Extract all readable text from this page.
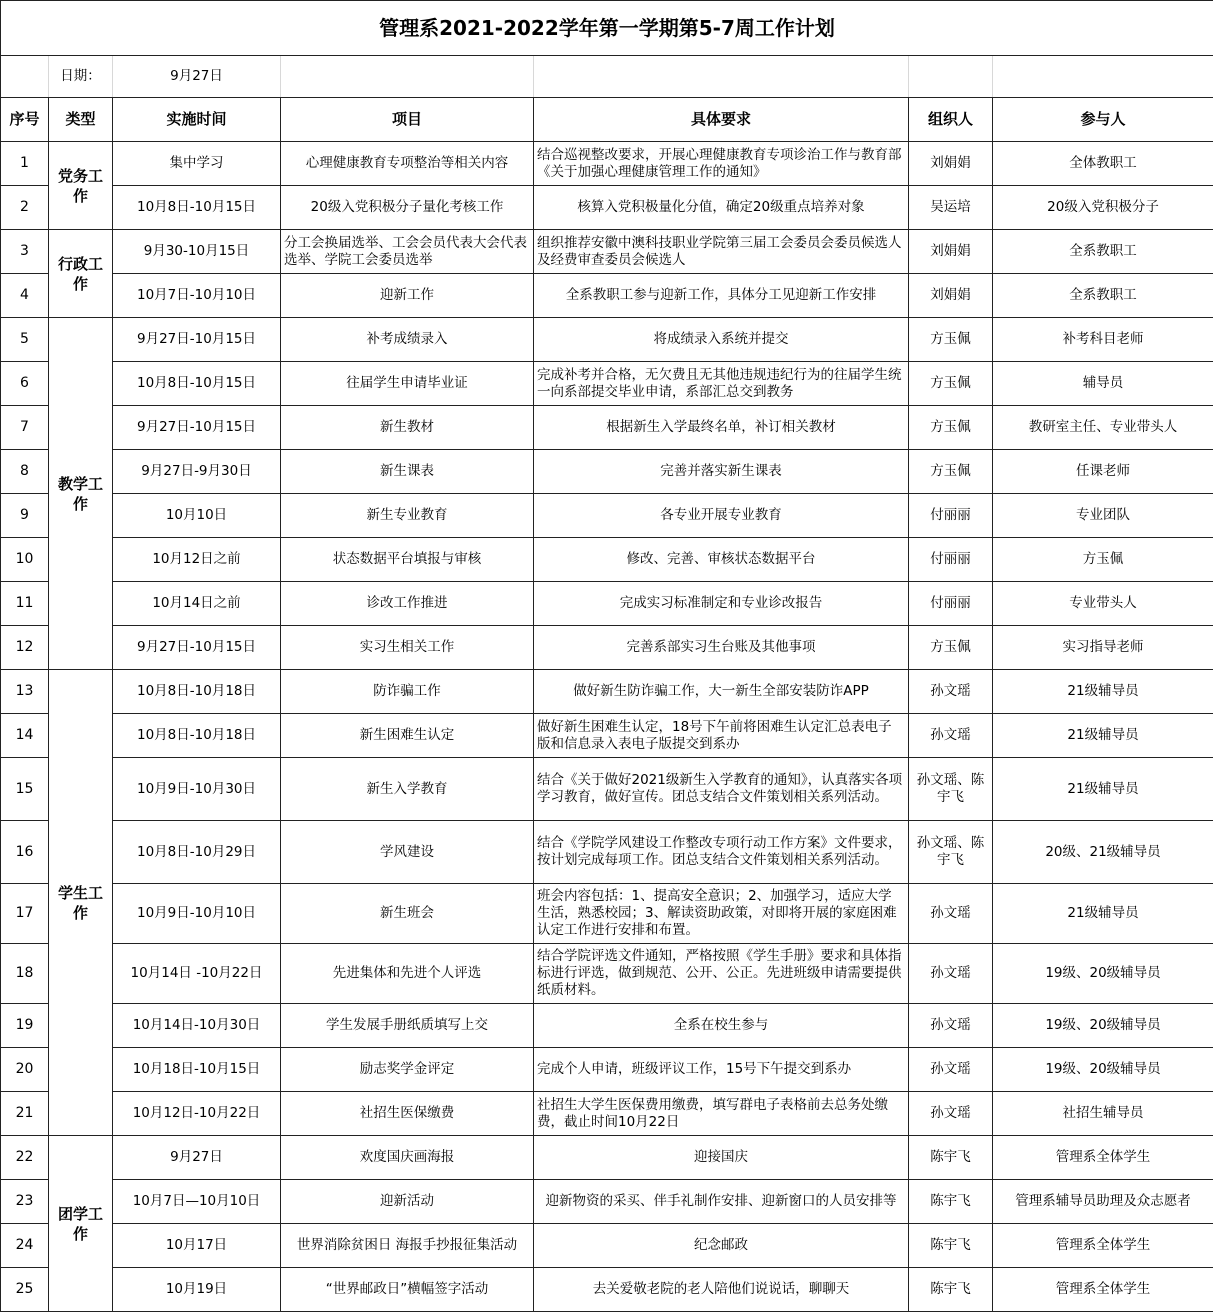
管理系2021-2022学年第一学期第5-7周工作计划						
	日期：	9月27日				
序号	类型	实施时间	项目	具体要求	组织人	参与人
1	党务工作	集中学习	心理健康教育专项整治等相关内容	结合巡视整改要求，开展心理健康教育专项诊治工作与教育部《关于加强心理健康管理工作的通知》	刘娟娟	全体教职工
2		10月8日-10月15日	20级入党积极分子量化考核工作	核算入党积极量化分值，确定20级重点培养对象	吴运培	20级入党积极分子
3	行政工作	9月30-10月15日	分工会换届选举、工会会员代表大会代表选举、学院工会委员选举	组织推荐安徽中澳科技职业学院第三届工会委员会委员候选人及经费审查委员会候选人	刘娟娟	全系教职工
4		10月7日-10月10日	迎新工作	全系教职工参与迎新工作，具体分工见迎新工作安排	刘娟娟	全系教职工
5	教学工作	9月27日-10月15日	补考成绩录入	将成绩录入系统并提交	方玉佩	补考科目老师
6		10月8日-10月15日	往届学生申请毕业证	完成补考并合格，无欠费且无其他违规违纪行为的往届学生统一向系部提交毕业申请，系部汇总交到教务	方玉佩	辅导员
7		9月27日-10月15日	新生教材	根据新生入学最终名单，补订相关教材	方玉佩	教研室主任、专业带头人
8		9月27日-9月30日	新生课表	完善并落实新生课表	方玉佩	任课老师
9		10月10日	新生专业教育	各专业开展专业教育	付丽丽	专业团队
10		10月12日之前	状态数据平台填报与审核	修改、完善、审核状态数据平台	付丽丽	方玉佩
11		10月14日之前	诊改工作推进	完成实习标准制定和专业诊改报告	付丽丽	专业带头人
12		9月27日-10月15日	实习生相关工作	完善系部实习生台账及其他事项	方玉佩	实习指导老师
13	学生工作	10月8日-10月18日	防诈骗工作	做好新生防诈骗工作，大一新生全部安装防诈APP	孙文瑶	21级辅导员
14		10月8日-10月18日	新生困难生认定	做好新生困难生认定，18号下午前将困难生认定汇总表电子版和信息录入表电子版提交到系办	孙文瑶	21级辅导员
15		10月9日-10月30日	新生入学教育	结合《关于做好2021级新生入学教育的通知》，认真落实各项学习教育，做好宣传。团总支结合文件策划相关系列活动。	孙文瑶、陈宇飞	21级辅导员
16		10月8日-10月29日	学风建设	结合《学院学风建设工作整改专项行动工作方案》文件要求，按计划完成每项工作。团总支结合文件策划相关系列活动。	孙文瑶、陈宇飞	20级、21级辅导员
17		10月9日-10月10日	新生班会	班会内容包括：1、提高安全意识；2、加强学习，适应大学生活，熟悉校园；3、解读资助政策，对即将开展的家庭困难认定工作进行安排和布置。	孙文瑶	21级辅导员
18		10月14日 -10月22日	先进集体和先进个人评选	结合学院评选文件通知，严格按照《学生手册》要求和具体指标进行评选，做到规范、公开、公正。先进班级申请需要提供纸质材料。	孙文瑶	19级、20级辅导员
19		10月14日-10月30日	学生发展手册纸质填写上交	全系在校生参与	孙文瑶	19级、20级辅导员
20		10月18日-10月15日	励志奖学金评定	完成个人申请，班级评议工作，15号下午提交到系办	孙文瑶	19级、20级辅导员
21		10月12日-10月22日	社招生医保缴费	社招生大学生医保费用缴费，填写群电子表格前去总务处缴费，截止时间10月22日	孙文瑶	社招生辅导员
22	团学工作	9月27日	欢度国庆画海报	迎接国庆	陈宇飞	管理系全体学生
23		10月7日—10月10日	迎新活动	迎新物资的采买、伴手礼制作安排、迎新窗口的人员安排等	陈宇飞	管理系辅导员助理及众志愿者
24		10月17日	世界消除贫困日 海报手抄报征集活动	纪念邮政	陈宇飞	管理系全体学生
25		10月19日	“世界邮政日”横幅签字活动	去关爱敬老院的老人陪他们说说话，聊聊天	陈宇飞	管理系全体学生
